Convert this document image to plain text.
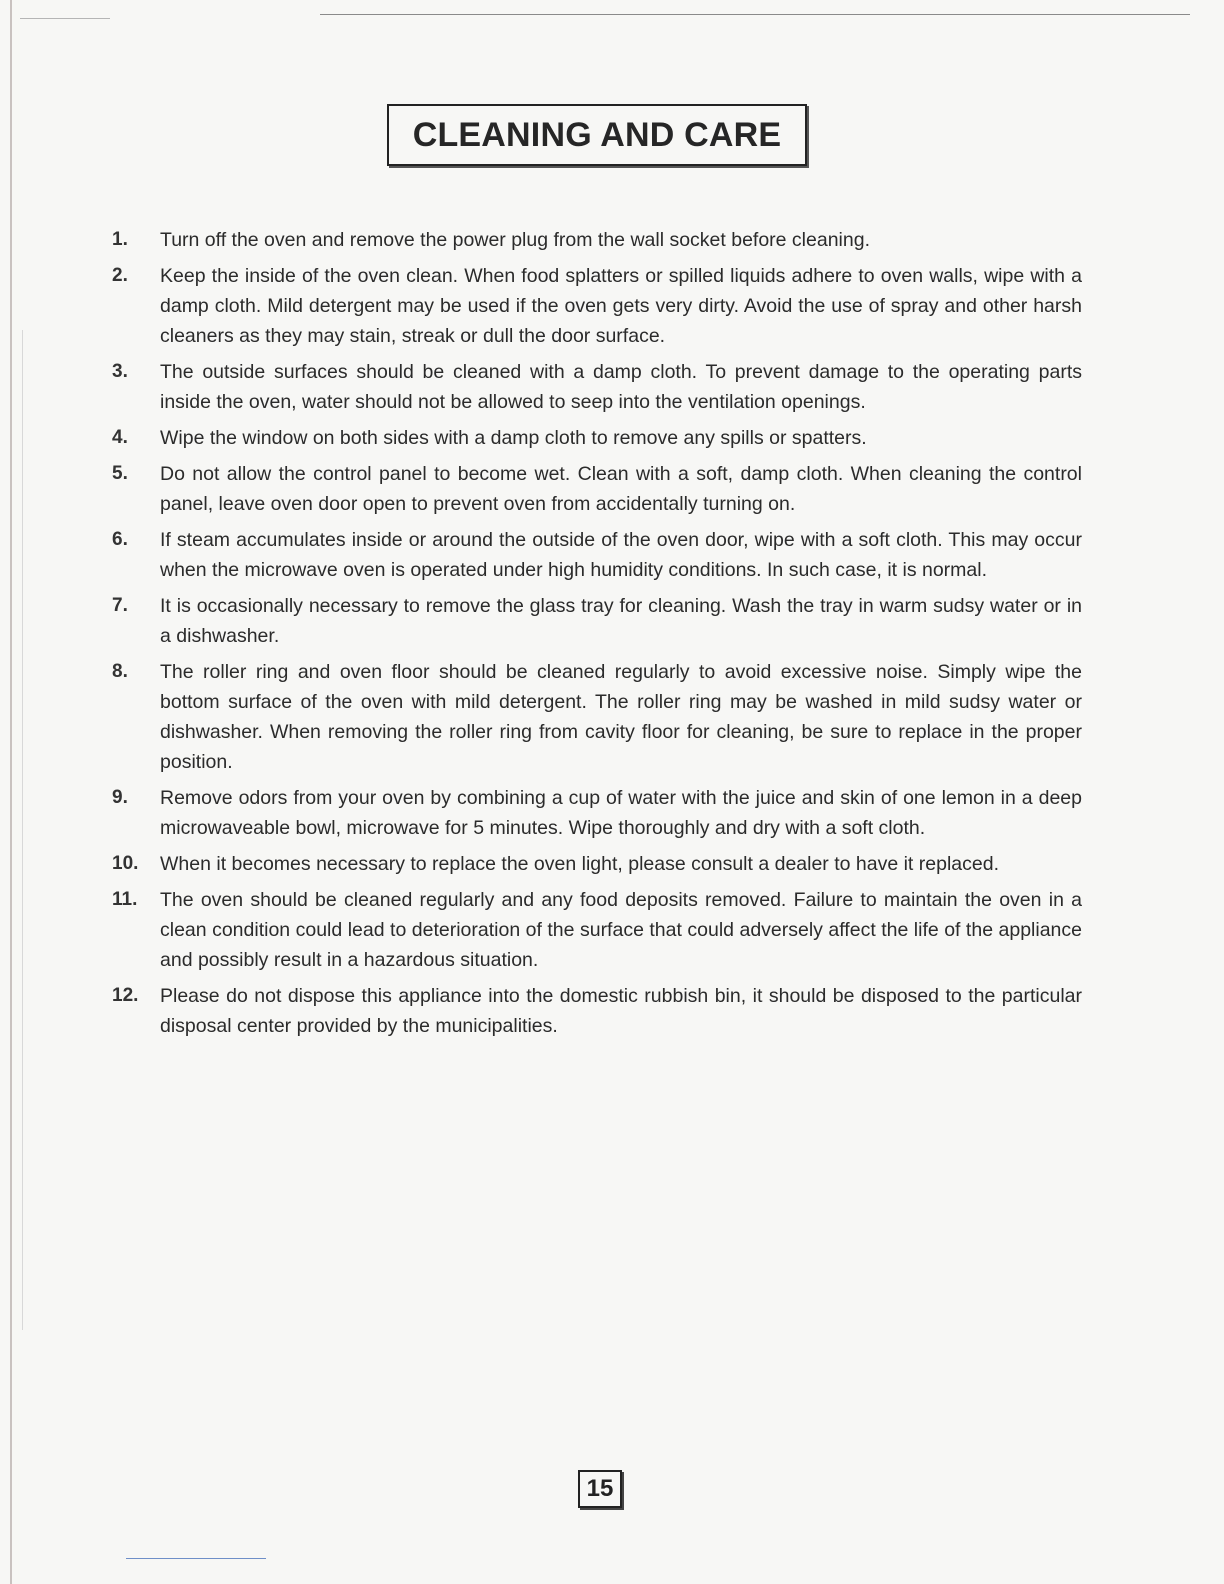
CLEANING AND CARE
1.	Turn off the oven and remove the power plug from the wall socket before cleaning.
2.	Keep the inside of the oven clean. When food splatters or spilled liquids adhere to oven walls, wipe with a damp cloth. Mild detergent may be used if the oven gets very dirty. Avoid the use of spray and other harsh cleaners as they may stain, streak or dull the door surface.
3.	The outside surfaces should be cleaned with a damp cloth. To prevent damage to the operating parts inside the oven, water should not be allowed to seep into the ventilation openings.
4.	Wipe the window on both sides with a damp cloth to remove any spills or spatters.
5.	Do not allow the control panel to become wet. Clean with a soft, damp cloth. When cleaning the control panel, leave oven door open to prevent oven from accidentally turning on.
6.	If steam accumulates inside or around the outside of the oven door, wipe with a soft cloth. This may occur when the microwave oven is operated under high humidity conditions. In such case, it is normal.
7.	It is occasionally necessary to remove the glass tray for cleaning. Wash the tray in warm sudsy water or in a dishwasher.
8.	The roller ring and oven floor should be cleaned regularly to avoid excessive noise. Simply wipe the bottom surface of the oven with mild detergent. The roller ring may be washed in mild sudsy water or dishwasher. When removing the roller ring from cavity floor for cleaning, be sure to replace in the proper position.
9.	Remove odors from your oven by combining a cup of water with the juice and skin of one lemon in a deep microwaveable bowl, microwave for 5 minutes. Wipe thoroughly and dry with a soft cloth.
10.	When it becomes necessary to replace the oven light, please consult a dealer to have it replaced.
11.	The oven should be cleaned regularly and any food deposits removed. Failure to maintain the oven in a clean condition could lead to deterioration of the surface that could adversely affect the life of the appliance and possibly result in a hazardous situation.
12.	Please do not dispose this appliance into the domestic rubbish bin, it should be disposed to the particular disposal center provided by the municipalities.
15
